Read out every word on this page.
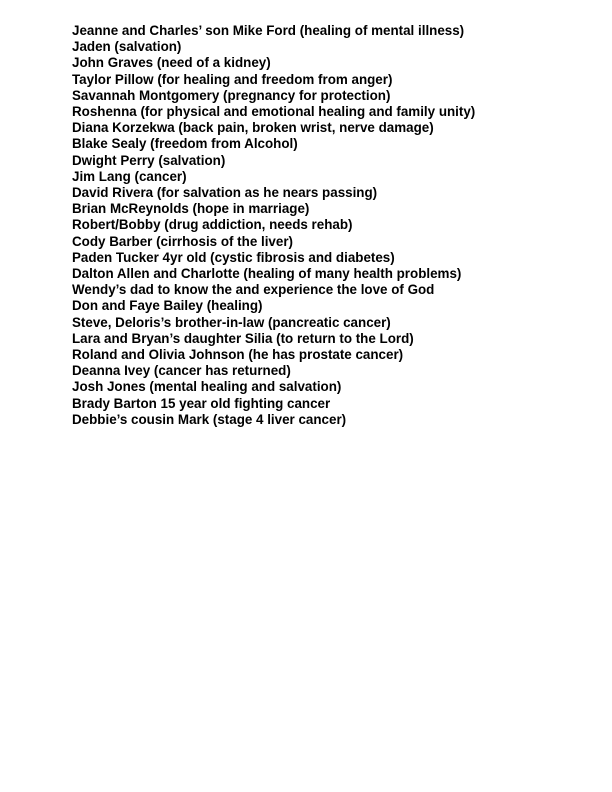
Jeanne and Charles’ son Mike Ford (healing of mental illness)
Jaden (salvation)
John Graves (need of a kidney)
Taylor Pillow (for healing and freedom from anger)
Savannah Montgomery (pregnancy for protection)
Roshenna (for physical and emotional healing and family unity)
Diana Korzekwa (back pain, broken wrist, nerve damage)
Blake Sealy (freedom from Alcohol)
Dwight Perry (salvation)
Jim Lang (cancer)
David Rivera (for salvation as he nears passing)
Brian McReynolds (hope in marriage)
Robert/Bobby (drug addiction, needs rehab)
Cody Barber (cirrhosis of the liver)
Paden Tucker 4yr old (cystic fibrosis and diabetes)
Dalton Allen and Charlotte (healing of many health problems)
Wendy’s dad to know the and experience the love of God
Don and Faye Bailey (healing)
Steve, Deloris’s brother-in-law (pancreatic cancer)
Lara and Bryan’s daughter Silia (to return to the Lord)
Roland and Olivia Johnson (he has prostate cancer)
Deanna Ivey (cancer has returned)
Josh Jones (mental healing and salvation)
Brady Barton 15 year old fighting cancer
Debbie’s cousin Mark (stage 4 liver cancer)
